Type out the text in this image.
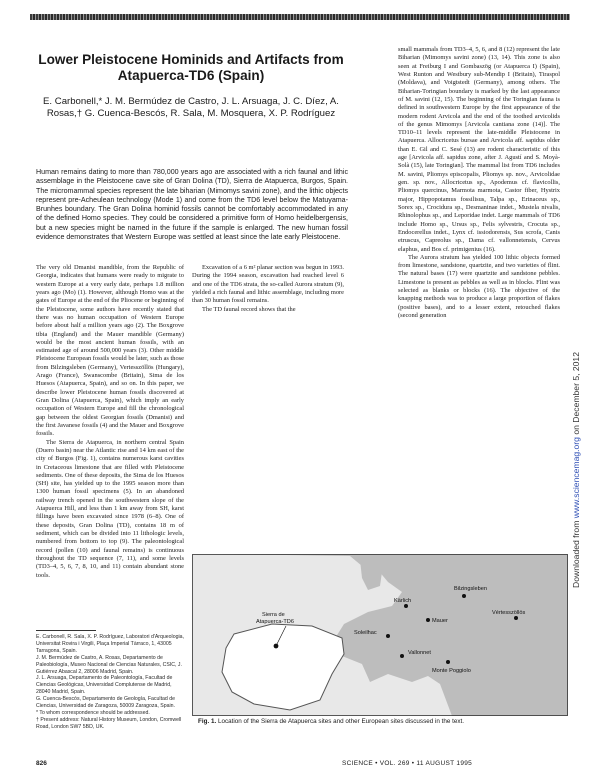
Lower Pleistocene Hominids and Artifacts from Atapuerca-TD6 (Spain)
E. Carbonell,* J. M. Bermúdez de Castro, J. L. Arsuaga, J. C. Díez, A. Rosas,† G. Cuenca-Bescós, R. Sala, M. Mosquera, X. P. Rodríguez
Human remains dating to more than 780,000 years ago are associated with a rich faunal and lithic assemblage in the Pleistocene cave site of Gran Dolina (TD), Sierra de Atapuerca, Burgos, Spain. The micromammal species represent the late biharian (Mimomys savini zone), and the lithic objects represent pre-Acheulean technology (Mode 1) and come from the TD6 level below the Matuyama-Brunhes boundary. The Gran Dolina hominid fossils cannot be comfortably accommodated in any of the defined Homo species. They could be considered a primitive form of Homo heidelbergensis, but a new species might be named in the future if the sample is enlarged. The new human fossil evidence demonstrates that Western Europe was settled at least since the late early Pleistocene.

The very old Dmanisi mandible, from the Republic of Georgia, indicates that humans were ready to migrate to western Europe at a very early date, perhaps 1.8 million years ago (Mo) (1). However, although Homo was at the gates of Europe at the end of the Pliocene or beginning of the Pleistocene, some authors have recently stated that there was no human occupation of Western Europe before about half a million years ago (2). The Boxgrove tibia (England) and the Mauer mandible (Germany) would be the most ancient human fossils, with an estimated age of around 500,000 years (3). Other middle Pleistocene European fossils would be later, such as those from Bilzingsleben (Germany), Vertesszöllös (Hungary), Arago (France), Swanscombe (Britain), Sima de los Huesos (Atapuerca, Spain), and so on. In this paper, we describe lower Pleistocene human fossils discovered at Gran Dolina (Atapuerca, Spain), which imply an early occupation of Western Europe and fill the chronological gap between the oldest Georgian fossils (Dmanisi) and the first Javanese fossils (4) and the Mauer and Boxgrove fossils.

The Sierra de Atapuerca, in northern central Spain (Duero basin) near the Atlantic rise and 14 km east of the city of Burgos (Fig. 1), contains numerous karst cavities in Cretaceous limestone that are filled with Pleistocene sediments. One of these deposits, the Sima de los Huesos (SH) site, has yielded up to the 1995 season more than 1300 human fossil specimens (5). In an abandoned railway trench opened in the southwestern slope of the Atapuerca Hill, and less than 1 km away from SH, karst fillings have been excavated since 1978 (6–8). One of these deposits, Gran Dolina (TD), contains 18 m of sediment, which can be divided into 11 lithologic levels, numbered from bottom to top (9). The paleontological record (pollen (10) and faunal remains) is continuous throughout the TD sequence (7, 11), and some levels (TD3–4, 5, 6, 7, 8, 10, and 11) contain abundant stone tools.

Excavation of a 6 m² planar section was begun in 1993. During the 1994 season, excavation had reached level 6 and one of the TD6 strata, the so-called Aurora stratum (9), yielded a rich faunal and lithic assemblage, including more than 30 human fossil remains.

The TD faunal record shows that the

small mammals from TD3–4, 5, 6, and 8 (12) represent the late Biharian (Mimomys savini zone) (13, 14). This zone is also seen at Freiburg I and Gombaszög (or Atapuerca I) (Spain), West Runton and Westbury sub-Mendip I (Britain), Tiraspol (Moldava), and Voigtstedt (Germany), among others. The Biharian-Toringian boundary is marked by the last appearance of M. savini (12, 15). The beginning of the Toringian fauna is defined in southwestern Europe by the first appearance of the modern rodent Arvicola and the end of the toothed arvicolids of the genus Mimomys [Arvicola cantiana zone (14)]. The TD10–11 levels represent the late-middle Pleistocene in Atapuerca. Allocricetus bursae and Arvicola aff. sapidus older than E. Gil and C. Sesé (13) are rodent characteristic of this age [Arvicola aff. sapidus zone, after J. Agustí and S. Moyà-Solà (15), late Toringian]. The mammal list from TD6 includes M. savini, Pliomys episcopalis, Pliomys sp. nov., Arvicolidae gen. sp. nov., Allocricetus sp., Apodemus cf. flavicollis, Pliomys quercinus, Marmota marmota, Castor fiber, Hystrix major, Hippopotamus fossilisus, Talpa sp., Erinaceus sp., Sorex sp., Crocidura sp., Desmaninae indet., Mustela nivalis, Rhinolophus sp., and Leporidae indet. Large mammals of TD6 include Homo sp., Ursus sp., Felis sylvestris, Crocuta sp., Endocerellus indet., Lynx cf. issiodorensis, Sus scrofa, Canis etruscus, Capreolus sp., Dama cf. vallonnetensis, Cervus elaphus, and Bos cf. primigenius (16).

The Aurora stratum has yielded 100 lithic objects formed from limestone, sandstone, quartzite, and two varieties of flint. The natural bases (17) were quartzite and sandstone pebbles. Limestone is present as pebbles as well as in blocks. Flint was selected as blanks or blocks (16). The objective of the knapping methods was to produce a large proportion of flakes (positive bases), and to a lesser extent, retouched flakes (second generation

Downloaded from www.sciencemag.org on December 5, 2012
E. Carbonell, R. Sala, X. P. Rodríguez, Laboratori d'Arqueologia, Universitat Rovira i Virgili, Plaça Imperial Tàrraco, 1, 43005 Tarragona, Spain.
J. M. Bermúdez de Castro, A. Rosas, Departamento de Paleobiología, Museo Nacional de Ciencias Naturales, CSIC, J. Gutiérrez Abascal 2, 28006 Madrid, Spain.
J. L. Arsuaga, Departamento de Paleontología, Facultad de Ciencias Geológicas, Universidad Complutense de Madrid, 28040 Madrid, Spain.
G. Cuenca-Bescós, Departamento de Geología, Facultad de Ciencias, Universidad de Zaragoza, 50009 Zaragoza, Spain.
* To whom correspondence should be addressed.
† Present address: Natural History Museum, London, Cromwell Road, London SW7 5BD, UK.
Kärlich
Bilzingsleben
Mauer
Soleilhac
Vallonnet
Monte Poggiolo
Vértesszöllös
Sierra de Atapuerca-TD6
Fig. 1. Location of the Sierra de Atapuerca sites and other European sites discussed in the text.
826	SCIENCE • VOL. 269 • 11 AUGUST 1995
